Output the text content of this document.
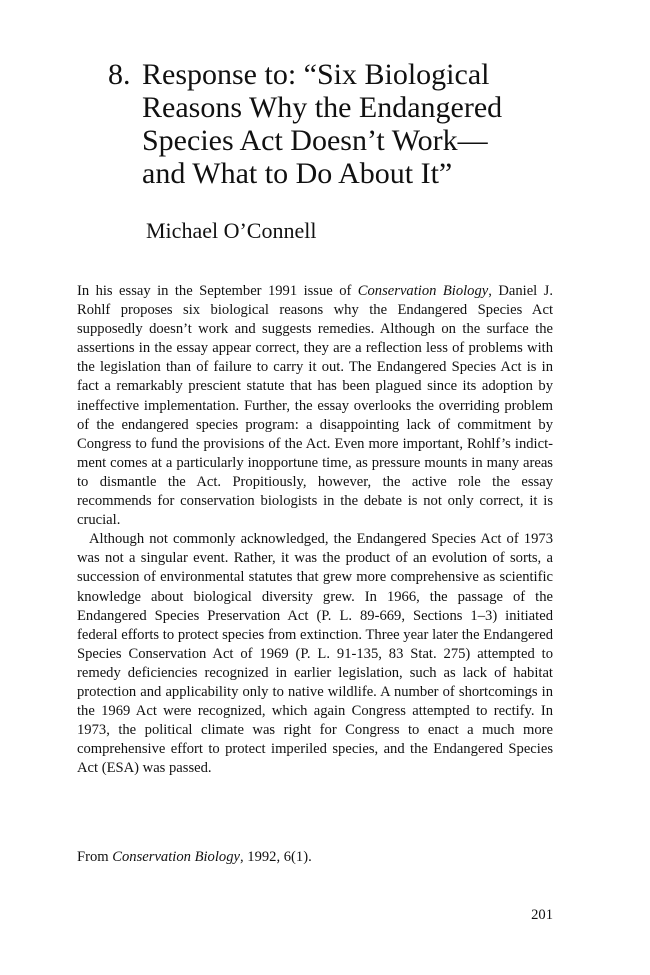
8. Response to: “Six Biological
Reasons Why the Endangered
Species Act Doesn’t Work—
and What to Do About It”
Michael O’Connell

In his essay in the September 1991 issue of Conservation Biology, Daniel J. Rohlf proposes six biological reasons why the Endangered Species Act supposedly doesn’t work and suggests remedies. Although on the surface the assertions in the essay appear correct, they are a reflection less of problems with the legislation than of failure to carry it out. The Endangered Species Act is in fact a remarkably prescient statute that has been plagued since its adoption by ineffective implementation. Further, the essay overlooks the overriding problem of the endangered species program: a disappointing lack of commitment by Congress to fund the provisions of the Act. Even more important, Rohlf’s indictment comes at a particularly inopportune time, as pressure mounts in many areas to dismantle the Act. Propitiously, however, the active role the essay recommends for conservation biologists in the debate is not only correct, it is crucial.

Although not commonly acknowledged, the Endangered Species Act of 1973 was not a singular event. Rather, it was the product of an evolution of sorts, a succession of environmental statutes that grew more comprehensive as scientific knowledge about biological diversity grew. In 1966, the passage of the Endangered Species Preservation Act (P. L. 89-669, Sections 1–3) initiated federal efforts to protect species from extinction. Three year later the Endangered Species Conservation Act of 1969 (P. L. 91-135, 83 Stat. 275) attempted to remedy deficiencies recognized in earlier legislation, such as lack of habitat protection and applicability only to native wildlife. A number of shortcomings in the 1969 Act were recognized, which again Congress attempted to rectify. In 1973, the political climate was right for Congress to enact a much more comprehensive effort to protect imperiled species, and the Endangered Species Act (ESA) was passed.

From Conservation Biology, 1992, 6(1).

201
